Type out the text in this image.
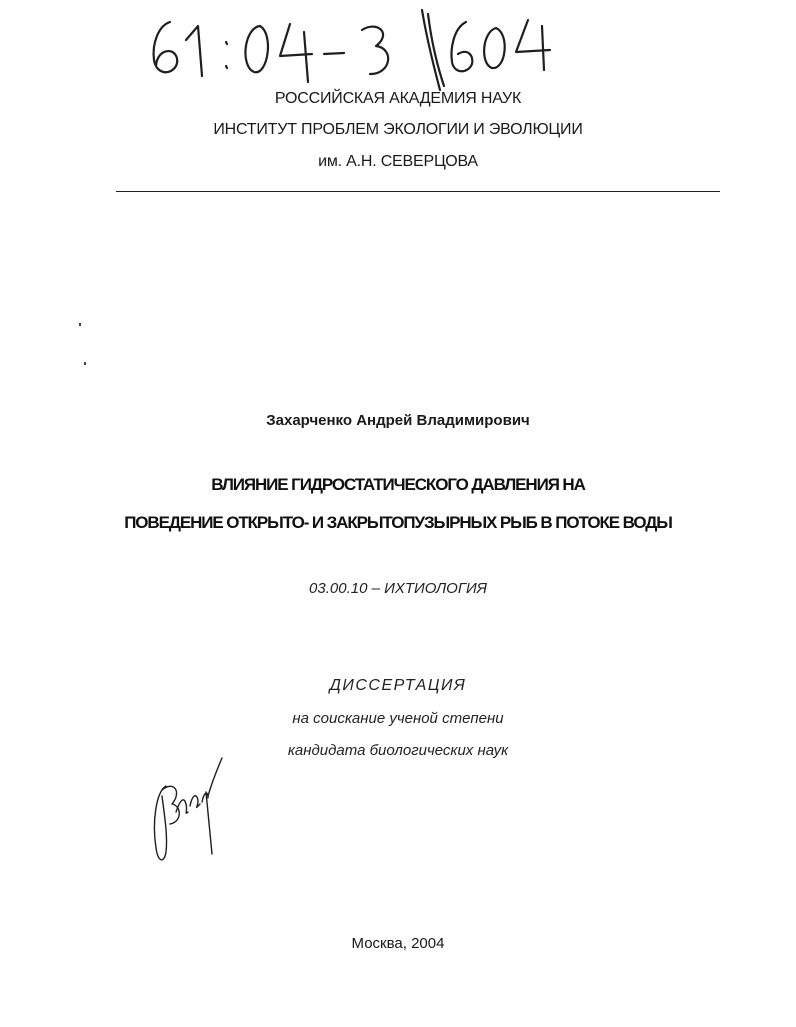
РОССИЙСКАЯ АКАДЕМИЯ НАУК
ИНСТИТУТ ПРОБЛЕМ ЭКОЛОГИИ И ЭВОЛЮЦИИ
им. А.Н. СЕВЕРЦОВА
Захарченко Андрей Владимирович
ВЛИЯНИЕ ГИДРОСТАТИЧЕСКОГО ДАВЛЕНИЯ НА
ПОВЕДЕНИЕ ОТКРЫТО- И ЗАКРЫТОПУЗЫРНЫХ РЫБ В ПОТОКЕ ВОДЫ
03.00.10 – ИХТИОЛОГИЯ
ДИССЕРТАЦИЯ
на соискание ученой степени
кандидата биологических наук
Москва, 2004
